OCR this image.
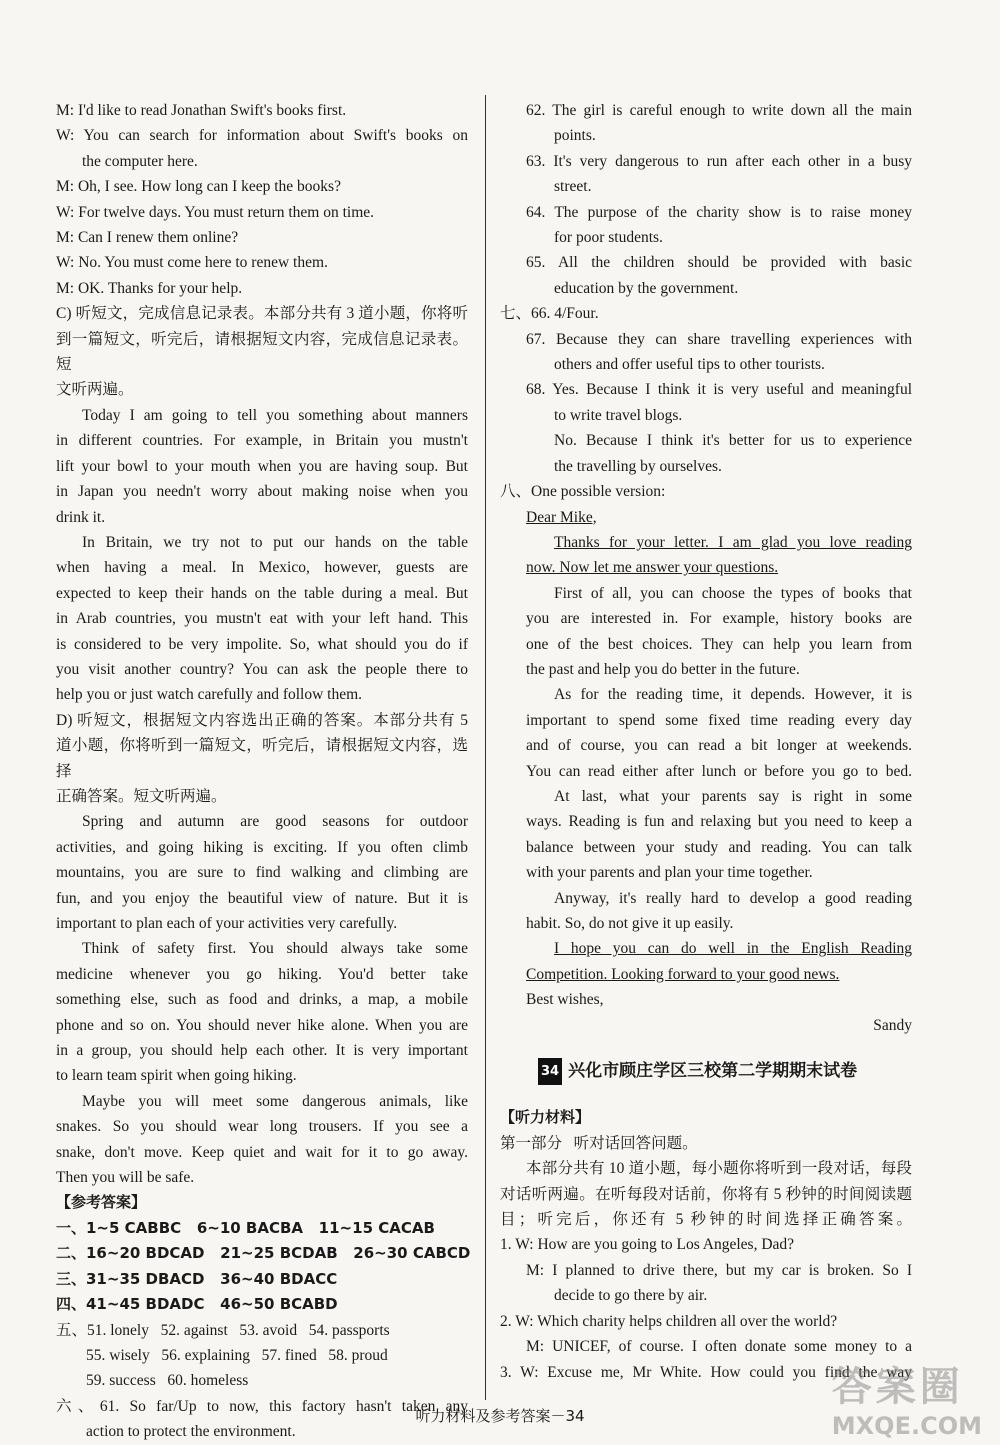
M: I'd like to read Jonathan Swift's books first.
W: You can search for information about Swift's books on
the computer here.
M: Oh, I see. How long can I keep the books?
W: For twelve days. You must return them on time.
M: Can I renew them online?
W: No. You must come here to renew them.
M: OK. Thanks for your help.
C) 听短文，完成信息记录表。本部分共有 3 道小题，你将听
到一篇短文，听完后，请根据短文内容，完成信息记录表。短
文听两遍。
Today I am going to tell you something about manners
in different countries. For example, in Britain you mustn't
lift your bowl to your mouth when you are having soup. But
in Japan you needn't worry about making noise when you
drink it.
In Britain, we try not to put our hands on the table
when having a meal. In Mexico, however, guests are
expected to keep their hands on the table during a meal. But
in Arab countries, you mustn't eat with your left hand. This
is considered to be very impolite. So, what should you do if
you visit another country? You can ask the people there to
help you or just watch carefully and follow them.
D) 听短文，根据短文内容选出正确的答案。本部分共有 5
道小题，你将听到一篇短文，听完后，请根据短文内容，选择
正确答案。短文听两遍。
Spring and autumn are good seasons for outdoor
activities, and going hiking is exciting. If you often climb
mountains, you are sure to find walking and climbing are
fun, and you enjoy the beautiful view of nature. But it is
important to plan each of your activities very carefully.
Think of safety first. You should always take some
medicine whenever you go hiking. You'd better take
something else, such as food and drinks, a map, a mobile
phone and so on. You should never hike alone. When you are
in a group, you should help each other. It is very important
to learn team spirit when going hiking.
Maybe you will meet some dangerous animals, like
snakes. So you should wear long trousers. If you see a
snake, don't move. Keep quiet and wait for it to go away.
Then you will be safe.
【参考答案】
一、1~5 CABBC   6~10 BACBA   11~15 CACAB
二、16~20 BDCAD   21~25 BCDAB   26~30 CABCD
三、31~35 DBACD   36~40 BDACC
四、41~45 BDADC   46~50 BCABD
五、51. lonely   52. against   53. avoid   54. passports
55. wisely   56. explaining   57. fined   58. proud
59. success   60. homeless
六、61. So far/Up to now, this factory hasn't taken any
action to protect the environment.
62. The girl is careful enough to write down all the main
points.
63. It's very dangerous to run after each other in a busy
street.
64. The purpose of the charity show is to raise money
for poor students.
65. All the children should be provided with basic
education by the government.
七、66. 4/Four.
67. Because they can share travelling experiences with
others and offer useful tips to other tourists.
68. Yes. Because I think it is very useful and meaningful
to write travel blogs.
No. Because I think it's better for us to experience
the travelling by ourselves.
八、One possible version:
Dear Mike,
Thanks for your letter. I am glad you love reading
now. Now let me answer your questions.
First of all, you can choose the types of books that
you are interested in. For example, history books are
one of the best choices. They can help you learn from
the past and help you do better in the future.
As for the reading time, it depends. However, it is
important to spend some fixed time reading every day
and of course, you can read a bit longer at weekends.
You can read either after lunch or before you go to bed.
At last, what your parents say is right in some
ways. Reading is fun and relaxing but you need to keep a
balance between your study and reading. You can talk
with your parents and plan your time together.
Anyway, it's really hard to develop a good reading
habit. So, do not give it up easily.
I hope you can do well in the English Reading
Competition. Looking forward to your good news.
Best wishes,
Sandy
34 兴化市顾庄学区三校第二学期期末试卷
【听力材料】
第一部分   听对话回答问题。
本部分共有 10 道小题，每小题你将听到一段对话，每段
对话听两遍。在听每段对话前，你将有 5 秒钟的时间阅读题
目；听完后，你还有 5 秒钟的时间选择正确答案。
1. W: How are you going to Los Angeles, Dad?
M: I planned to drive there, but my car is broken. So I
decide to go there by air.
2. W: Which charity helps children all over the world?
M: UNICEF, of course. I often donate some money to a
3. W: Excuse me, Mr White. How could you find the way
听力材料及参考答案－34
答案圈
MXQE.COM
